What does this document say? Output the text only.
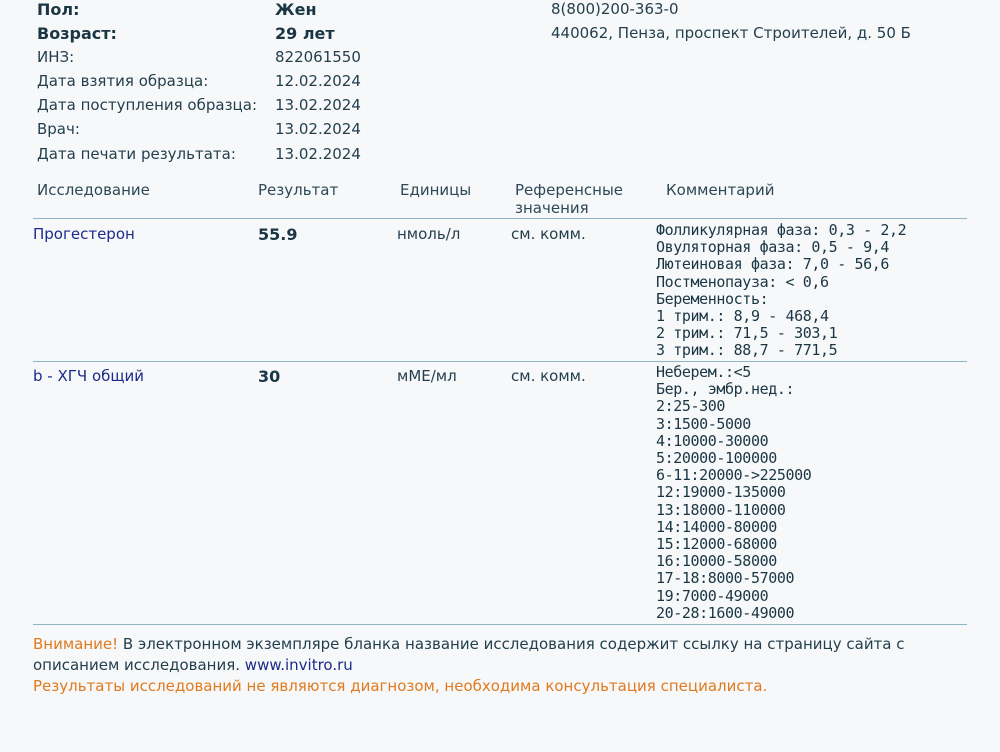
Пол:	Жен
Возраст:	29 лет
ИНЗ:	822061550
Дата взятия образца:	12.02.2024
Дата поступления образца: 13.02.2024
Врач:	13.02.2024
Дата печати результата:	13.02.2024
8(800)200-363-0
440062, Пенза, проспект Строителей, д. 50 Б
Исследование	Результат	Единицы	Референсные
значения
Комментарий
Прогестерон	55.9	нмоль/л	см. комм.	Фолликулярная фаза: 0,3 - 2,2
Овуляторная фаза: 0,5 - 9,4
Лютеиновая фаза: 7,0 - 56,6
Постменопауза: < 0,6
Беременность:
1 трим.: 8,9 - 468,4
2 трим.: 71,5 - 303,1
3 трим.: 88,7 - 771,5
b - ХГЧ общий	30	мМЕ/мл	см. комм.	Неберем.:<5
Бер., эмбр.нед.:
2:25-300
3:1500-5000
4:10000-30000
5:20000-100000
6-11:20000->225000
12:19000-135000
13:18000-110000
14:14000-80000
15:12000-68000
16:10000-58000
17-18:8000-57000
19:7000-49000
20-28:1600-49000
Внимание! В электронном экземпляре бланка название исследования содержит ссылку на страницу сайта с описанием исследования. www.invitro.ru
Результаты исследований не являются диагнозом, необходима консультация специалиста.
